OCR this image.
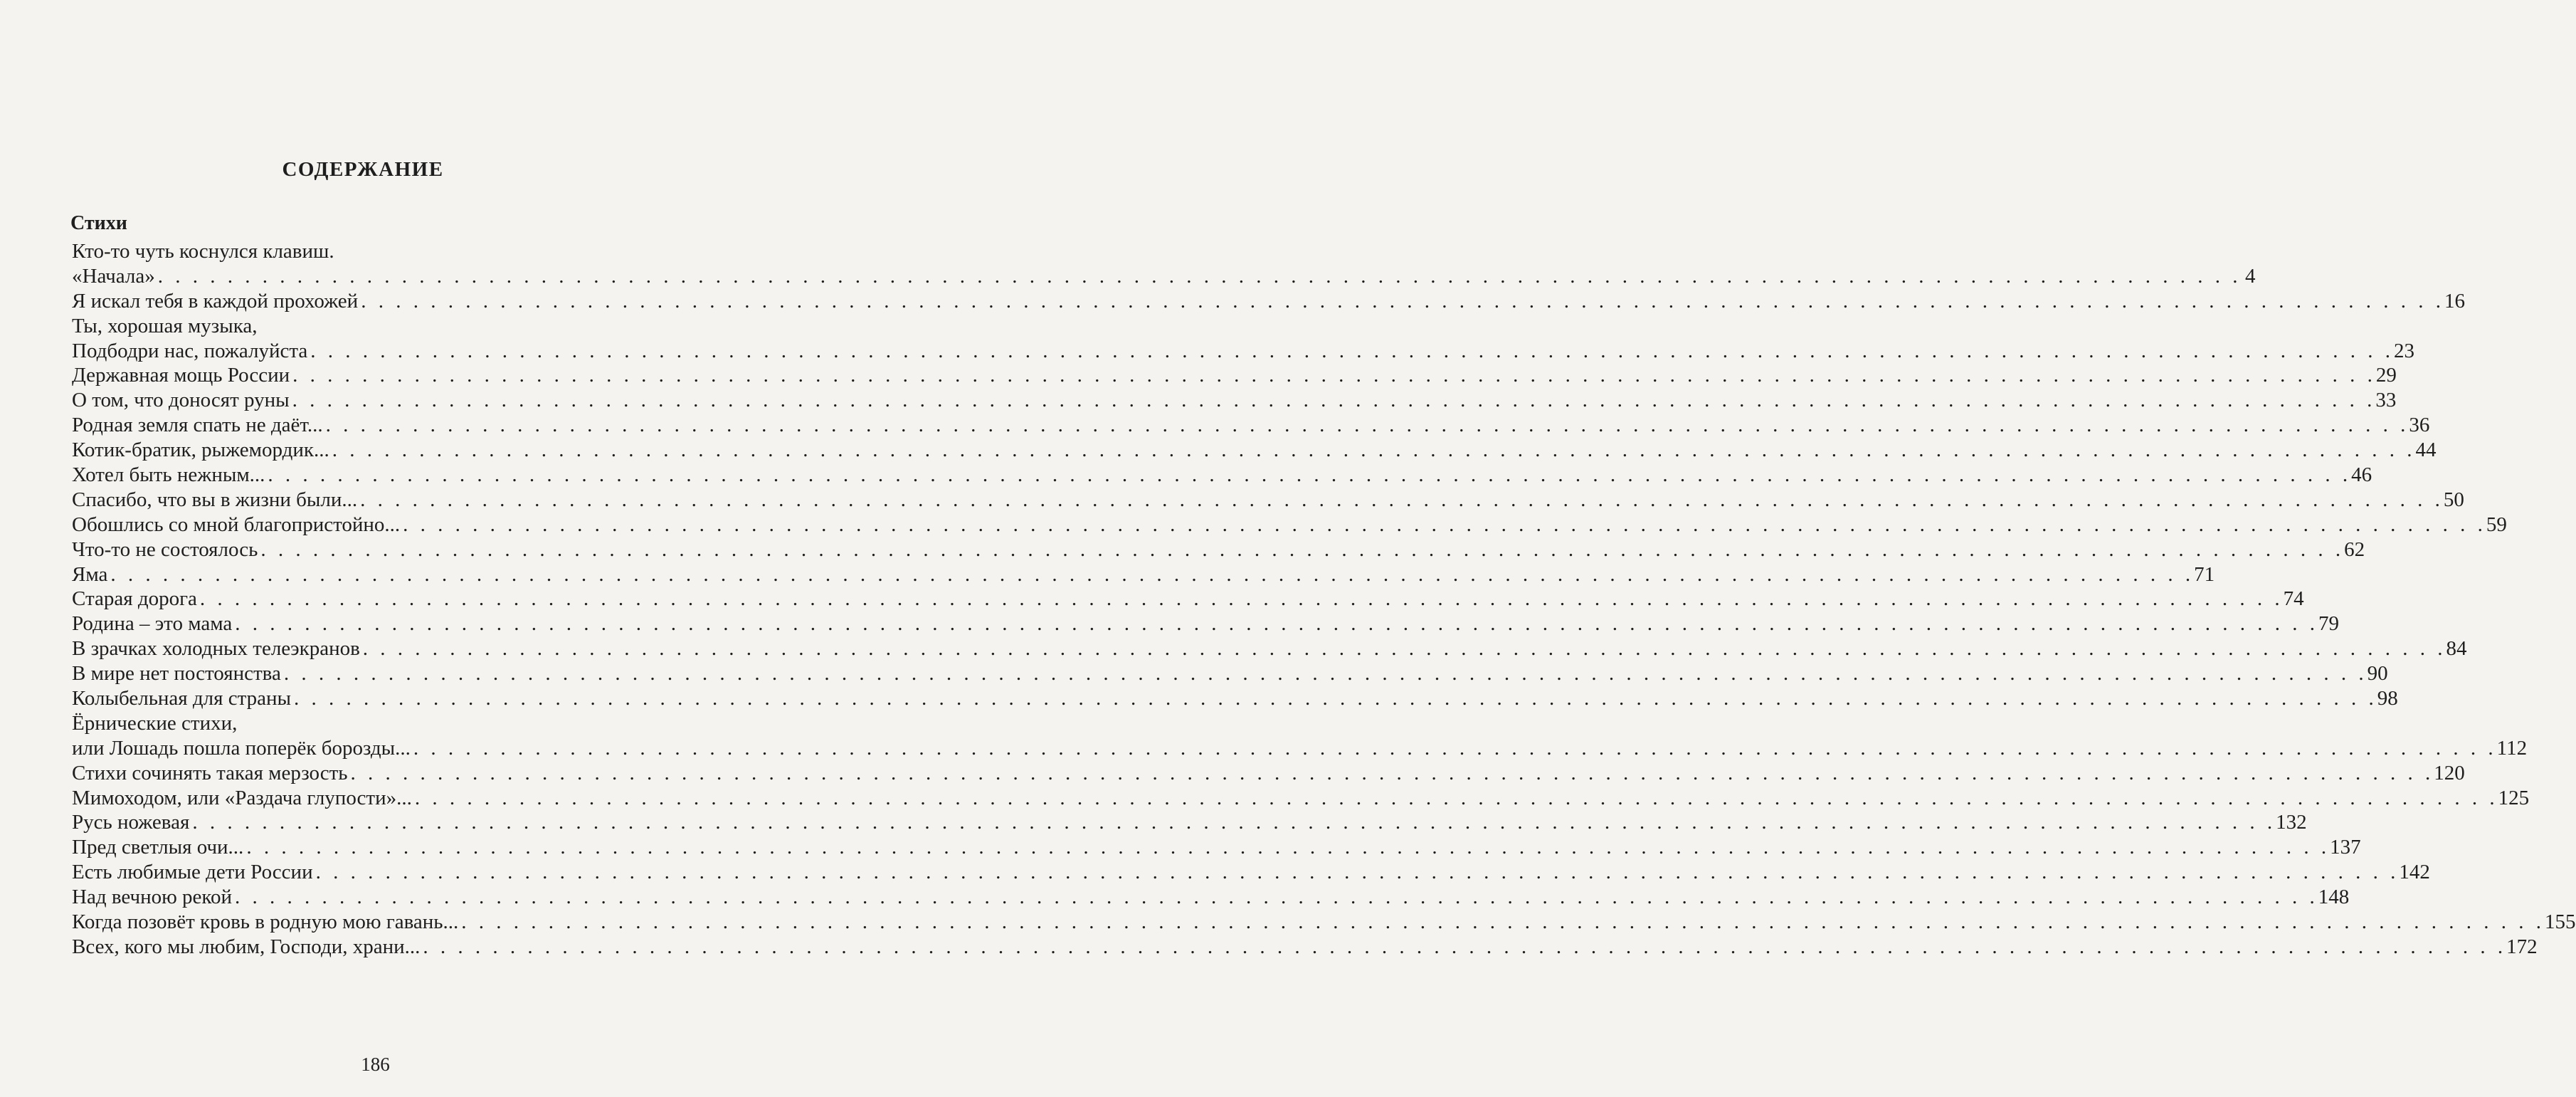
СОДЕРЖАНИЕ
Стихи
Кто-то чуть коснулся клавиш.
«Начала» . . . . . . . . . . . . . . . . . . . . . . . . . . . . . . . . . . . . . . . . . . . . . . . . . . . . . . . . . . . . . . . . . . . . . . . . . . . . . . . . . . . . . . . . . . . . . . . . . . . . . . . . . . . . . . . . . . . . . . . . 4
Я искал тебя в каждой прохожей . . . . . . . . . . . . . . . . . . . . . . . . . . . . . . . . . . . . . . . . . . . . . . . . . . . . . . . . . . . . . . . . . . . . . . . . . . . . . . . . . . . . . . . . . . . . . . . . . . . . . . . . . . . . . . . . . . . . . . . . 16
Ты, хорошая музыка,
Подбодри нас, пожалуйста . . . . . . . . . . . . . . . . . . . . . . . . . . . . . . . . . . . . . . . . . . . . . . . . . . . . . . . . . . . . . . . . . . . . . . . . . . . . . . . . . . . . . . . . . . . . . . . . . . . . . . . . . . . . . . . . . . . . . . . . 23
Державная мощь России . . . . . . . . . . . . . . . . . . . . . . . . . . . . . . . . . . . . . . . . . . . . . . . . . . . . . . . . . . . . . . . . . . . . . . . . . . . . . . . . . . . . . . . . . . . . . . . . . . . . . . . . . . . . . . . . . . . . . . . . 29
О том, что доносят руны . . . . . . . . . . . . . . . . . . . . . . . . . . . . . . . . . . . . . . . . . . . . . . . . . . . . . . . . . . . . . . . . . . . . . . . . . . . . . . . . . . . . . . . . . . . . . . . . . . . . . . . . . . . . . . . . . . . . . . . . 33
Родная земля спать не даёт... . . . . . . . . . . . . . . . . . . . . . . . . . . . . . . . . . . . . . . . . . . . . . . . . . . . . . . . . . . . . . . . . . . . . . . . . . . . . . . . . . . . . . . . . . . . . . . . . . . . . . . . . . . . . . . . . . . . . . . . . 36
Котик-братик, рыжемордик... . . . . . . . . . . . . . . . . . . . . . . . . . . . . . . . . . . . . . . . . . . . . . . . . . . . . . . . . . . . . . . . . . . . . . . . . . . . . . . . . . . . . . . . . . . . . . . . . . . . . . . . . . . . . . . . . . . . . . . . . 44
Хотел быть нежным... . . . . . . . . . . . . . . . . . . . . . . . . . . . . . . . . . . . . . . . . . . . . . . . . . . . . . . . . . . . . . . . . . . . . . . . . . . . . . . . . . . . . . . . . . . . . . . . . . . . . . . . . . . . . . . . . . . . . . . . . 46
Спасибо, что вы в жизни были... . . . . . . . . . . . . . . . . . . . . . . . . . . . . . . . . . . . . . . . . . . . . . . . . . . . . . . . . . . . . . . . . . . . . . . . . . . . . . . . . . . . . . . . . . . . . . . . . . . . . . . . . . . . . . . . . . . . . . . . . 50
Обошлись со мной благопристойно... . . . . . . . . . . . . . . . . . . . . . . . . . . . . . . . . . . . . . . . . . . . . . . . . . . . . . . . . . . . . . . . . . . . . . . . . . . . . . . . . . . . . . . . . . . . . . . . . . . . . . . . . . . . . . . . . . . . . . . . . 59
Что-то не состоялось . . . . . . . . . . . . . . . . . . . . . . . . . . . . . . . . . . . . . . . . . . . . . . . . . . . . . . . . . . . . . . . . . . . . . . . . . . . . . . . . . . . . . . . . . . . . . . . . . . . . . . . . . . . . . . . . . . . . . . . . 62
Яма . . . . . . . . . . . . . . . . . . . . . . . . . . . . . . . . . . . . . . . . . . . . . . . . . . . . . . . . . . . . . . . . . . . . . . . . . . . . . . . . . . . . . . . . . . . . . . . . . . . . . . . . . . . . . . . . . . . . . . . . 71
Старая дорога . . . . . . . . . . . . . . . . . . . . . . . . . . . . . . . . . . . . . . . . . . . . . . . . . . . . . . . . . . . . . . . . . . . . . . . . . . . . . . . . . . . . . . . . . . . . . . . . . . . . . . . . . . . . . . . . . . . . . . . . 74
Родина – это мама . . . . . . . . . . . . . . . . . . . . . . . . . . . . . . . . . . . . . . . . . . . . . . . . . . . . . . . . . . . . . . . . . . . . . . . . . . . . . . . . . . . . . . . . . . . . . . . . . . . . . . . . . . . . . . . . . . . . . . . . 79
В зрачках холодных телеэкранов . . . . . . . . . . . . . . . . . . . . . . . . . . . . . . . . . . . . . . . . . . . . . . . . . . . . . . . . . . . . . . . . . . . . . . . . . . . . . . . . . . . . . . . . . . . . . . . . . . . . . . . . . . . . . . . . . . . . . . . . 84
В мире нет постоянства . . . . . . . . . . . . . . . . . . . . . . . . . . . . . . . . . . . . . . . . . . . . . . . . . . . . . . . . . . . . . . . . . . . . . . . . . . . . . . . . . . . . . . . . . . . . . . . . . . . . . . . . . . . . . . . . . . . . . . . . 90
Колыбельная для страны . . . . . . . . . . . . . . . . . . . . . . . . . . . . . . . . . . . . . . . . . . . . . . . . . . . . . . . . . . . . . . . . . . . . . . . . . . . . . . . . . . . . . . . . . . . . . . . . . . . . . . . . . . . . . . . . . . . . . . . . 98
Ёрнические стихи,
или Лошадь пошла поперёк борозды... . . . . . . . . . . . . . . . . . . . . . . . . . . . . . . . . . . . . . . . . . . . . . . . . . . . . . . . . . . . . . . . . . . . . . . . . . . . . . . . . . . . . . . . . . . . . . . . . . . . . . . . . . . . . . . . . . . . . . . . . 112
Стихи сочинять такая мерзость . . . . . . . . . . . . . . . . . . . . . . . . . . . . . . . . . . . . . . . . . . . . . . . . . . . . . . . . . . . . . . . . . . . . . . . . . . . . . . . . . . . . . . . . . . . . . . . . . . . . . . . . . . . . . . . . . . . . . . . . 120
Мимоходом, или «Раздача глупости»... . . . . . . . . . . . . . . . . . . . . . . . . . . . . . . . . . . . . . . . . . . . . . . . . . . . . . . . . . . . . . . . . . . . . . . . . . . . . . . . . . . . . . . . . . . . . . . . . . . . . . . . . . . . . . . . . . . . . . . . . 125
Русь ножевая . . . . . . . . . . . . . . . . . . . . . . . . . . . . . . . . . . . . . . . . . . . . . . . . . . . . . . . . . . . . . . . . . . . . . . . . . . . . . . . . . . . . . . . . . . . . . . . . . . . . . . . . . . . . . . . . . . . . . . . . 132
Пред светлыя очи... . . . . . . . . . . . . . . . . . . . . . . . . . . . . . . . . . . . . . . . . . . . . . . . . . . . . . . . . . . . . . . . . . . . . . . . . . . . . . . . . . . . . . . . . . . . . . . . . . . . . . . . . . . . . . . . . . . . . . . . . 137
Есть любимые дети России . . . . . . . . . . . . . . . . . . . . . . . . . . . . . . . . . . . . . . . . . . . . . . . . . . . . . . . . . . . . . . . . . . . . . . . . . . . . . . . . . . . . . . . . . . . . . . . . . . . . . . . . . . . . . . . . . . . . . . . . 142
Над вечною рекой . . . . . . . . . . . . . . . . . . . . . . . . . . . . . . . . . . . . . . . . . . . . . . . . . . . . . . . . . . . . . . . . . . . . . . . . . . . . . . . . . . . . . . . . . . . . . . . . . . . . . . . . . . . . . . . . . . . . . . . . 148
Когда позовёт кровь в родную мою гавань... . . . . . . . . . . . . . . . . . . . . . . . . . . . . . . . . . . . . . . . . . . . . . . . . . . . . . . . . . . . . . . . . . . . . . . . . . . . . . . . . . . . . . . . . . . . . . . . . . . . . . . . . . . . . . . . . . . . . . . . . 155
Всех, кого мы любим, Господи, храни... . . . . . . . . . . . . . . . . . . . . . . . . . . . . . . . . . . . . . . . . . . . . . . . . . . . . . . . . . . . . . . . . . . . . . . . . . . . . . . . . . . . . . . . . . . . . . . . . . . . . . . . . . . . . . . . . . . . . . . . . 172
186
